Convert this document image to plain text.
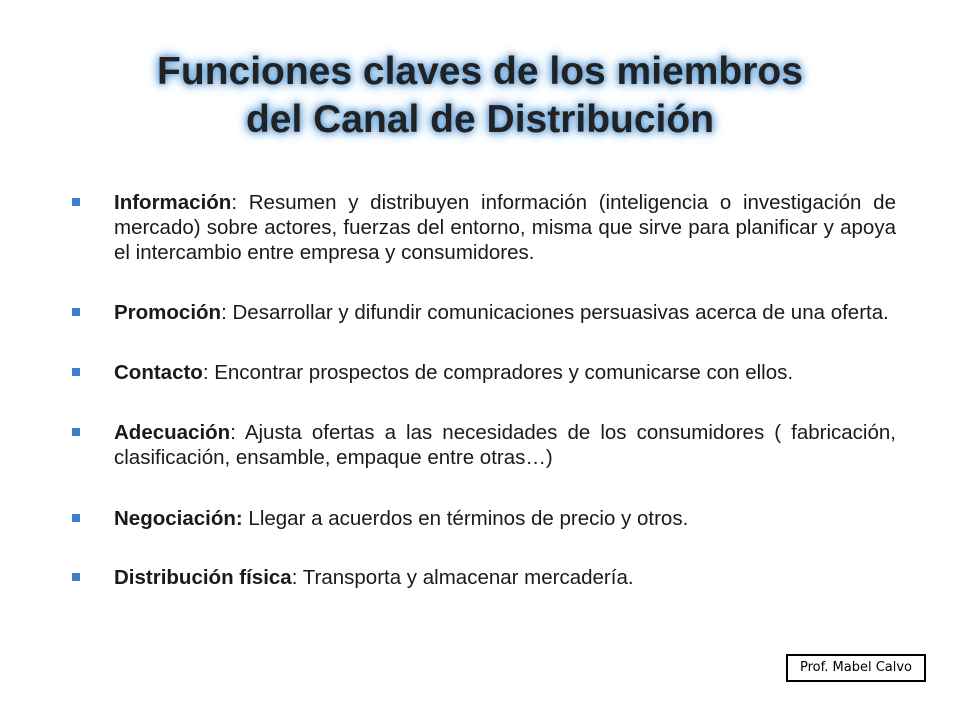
Funciones claves de los miembros
del Canal de Distribución
Información: Resumen y distribuyen información (inteligencia o investigación de mercado) sobre actores, fuerzas del entorno, misma que sirve para planificar y apoya el intercambio entre empresa y consumidores.
Promoción: Desarrollar y difundir comunicaciones persuasivas acerca de una oferta.
Contacto: Encontrar prospectos de compradores y comunicarse con ellos.
Adecuación: Ajusta ofertas a las necesidades de los consumidores ( fabricación, clasificación, ensamble, empaque entre otras…)
Negociación: Llegar a acuerdos en términos de precio y otros.
Distribución física: Transporta y almacenar mercadería.
Prof. Mabel Calvo
